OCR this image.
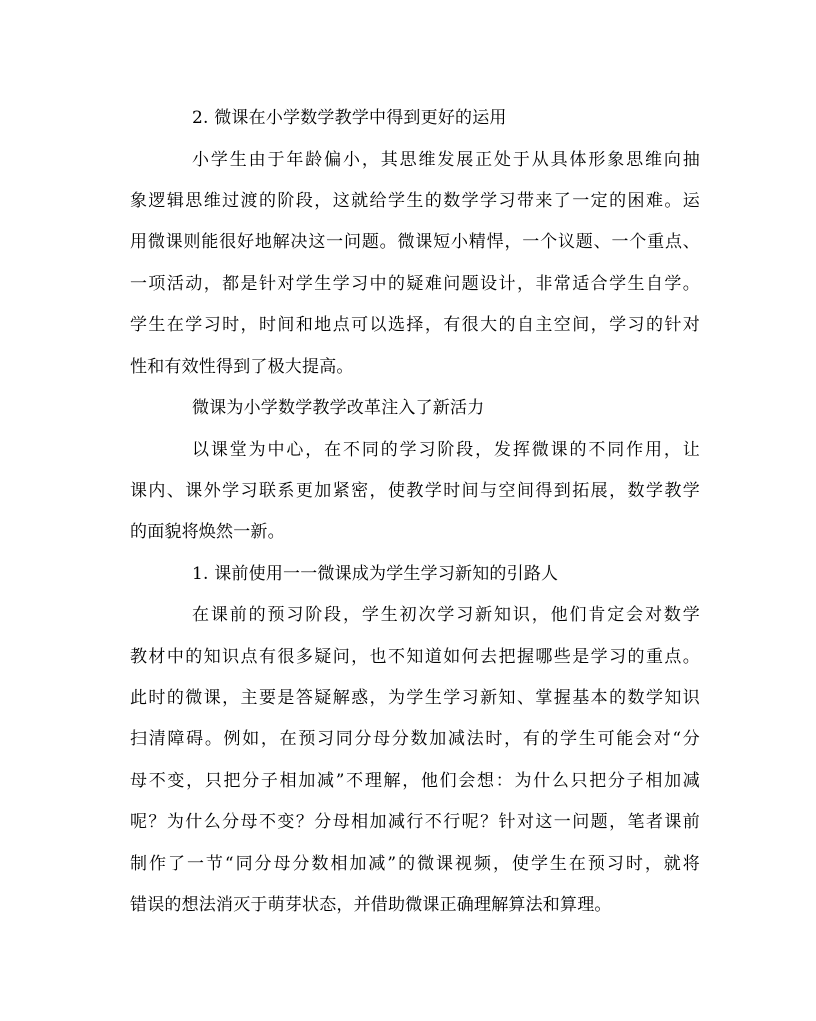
2. 微课在小学数学教学中得到更好的运用
小学生由于年龄偏小，其思维发展正处于从具体形象思维向抽
象逻辑思维过渡的阶段，这就给学生的数学学习带来了一定的困难。运
用微课则能很好地解决这一问题。微课短小精悍，一个议题、一个重点、
一项活动，都是针对学生学习中的疑难问题设计，非常适合学生自学。
学生在学习时，时间和地点可以选择，有很大的自主空间，学习的针对
性和有效性得到了极大提高。
微课为小学数学教学改革注入了新活力
以课堂为中心，在不同的学习阶段，发挥微课的不同作用，让
课内、课外学习联系更加紧密，使教学时间与空间得到拓展，数学教学
的面貌将焕然一新。
1. 课前使用一一微课成为学生学习新知的引路人
在课前的预习阶段，学生初次学习新知识，他们肯定会对数学
教材中的知识点有很多疑问，也不知道如何去把握哪些是学习的重点。
此时的微课，主要是答疑解惑，为学生学习新知、掌握基本的数学知识
扫清障碍。例如，在预习同分母分数加减法时，有的学生可能会对“分
母不变，只把分子相加减”不理解，他们会想：为什么只把分子相加减
呢？为什么分母不变？分母相加减行不行呢？针对这一问题，笔者课前
制作了一节“同分母分数相加减”的微课视频，使学生在预习时，就将
错误的想法消灭于萌芽状态，并借助微课正确理解算法和算理。
